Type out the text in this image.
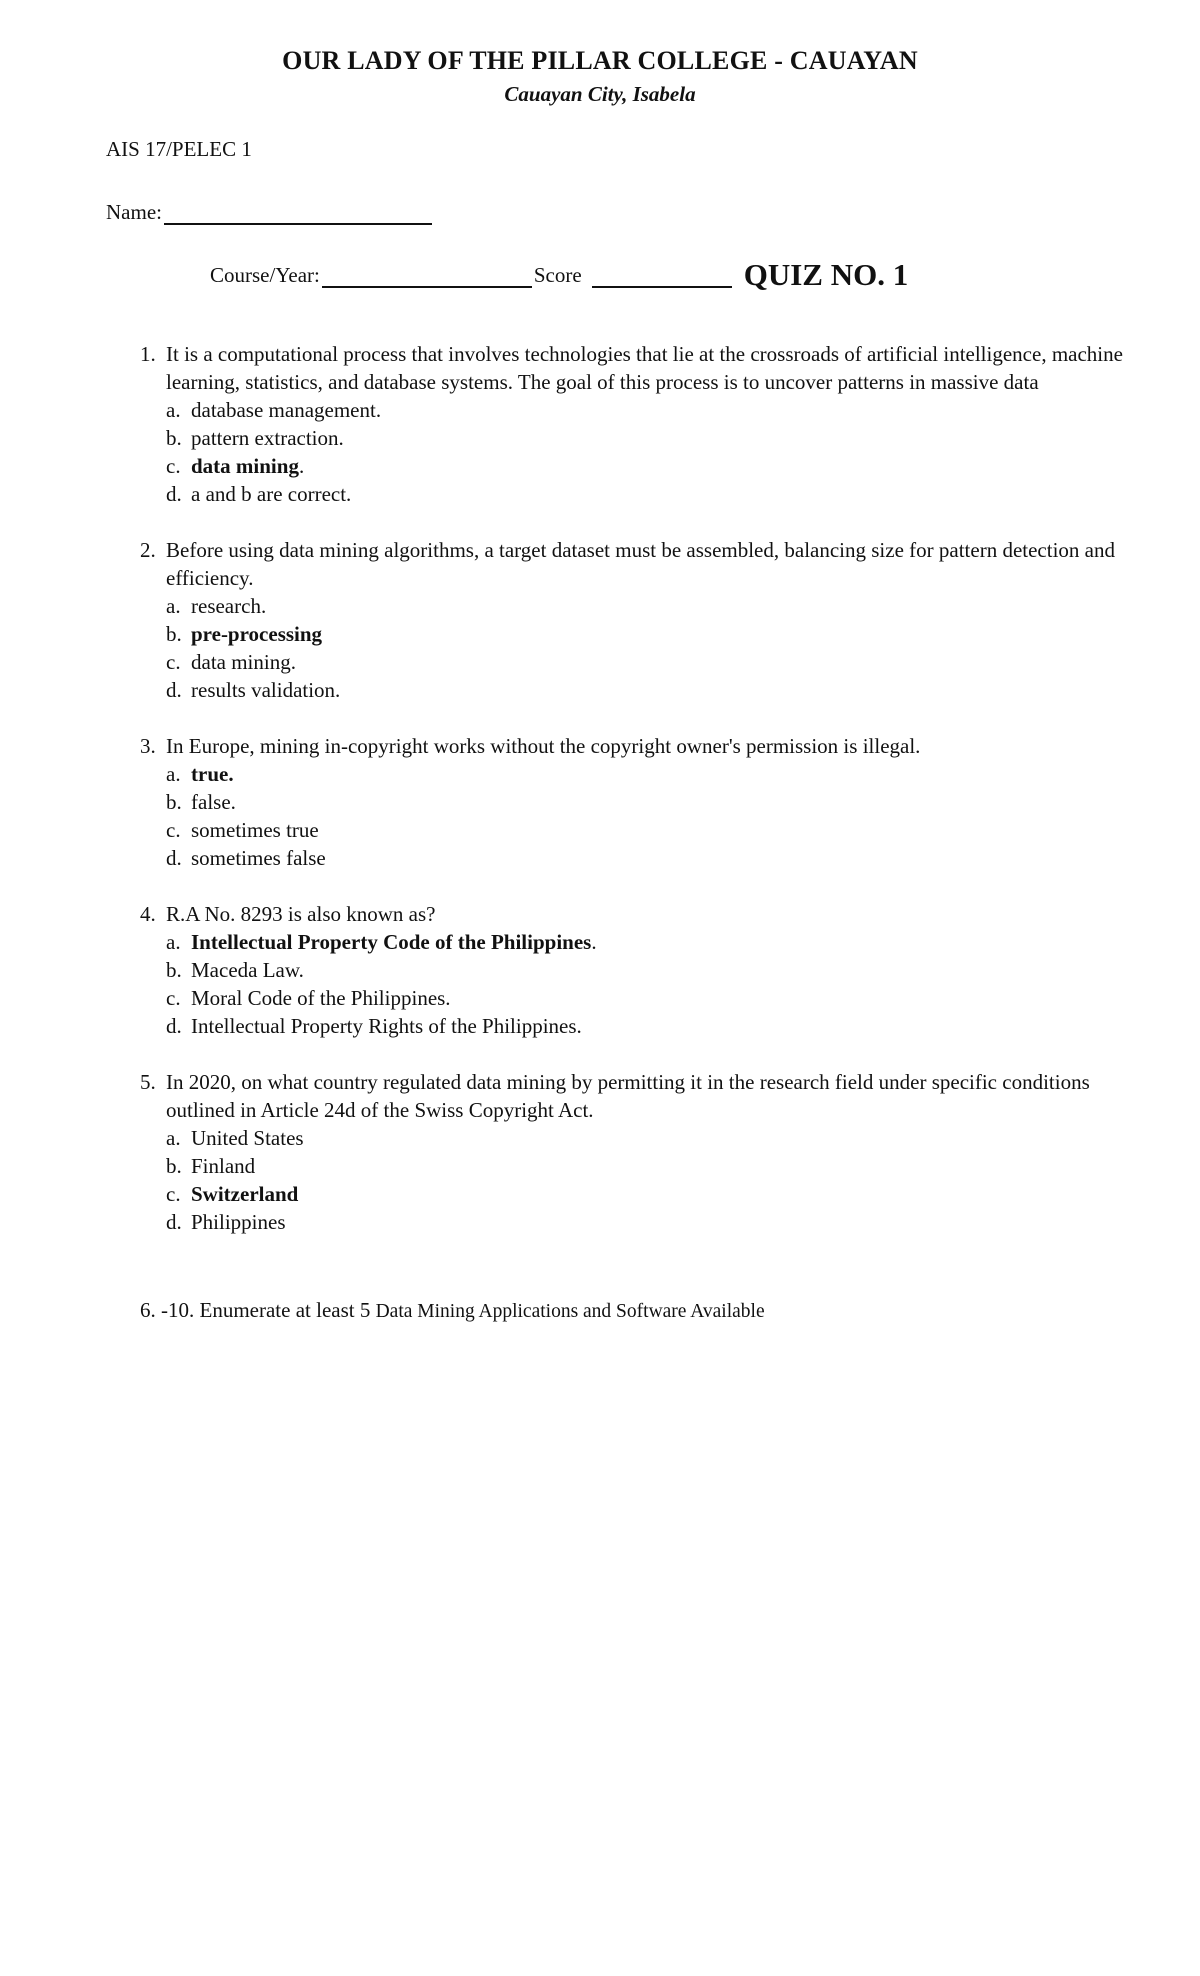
OUR LADY OF THE PILLAR COLLEGE - CAUAYAN
Cauayan City, Isabela
AIS 17/PELEC 1
Name:
Course/Year:	Score	QUIZ NO. 1
1. It is a computational process that involves technologies that lie at the crossroads of artificial intelligence, machine learning, statistics, and database systems. The goal of this process is to uncover patterns in massive data

a. database management.
b. pattern extraction.
c. data mining.
d. a and b are correct.
2. Before using data mining algorithms, a target dataset must be assembled, balancing size for pattern detection and efficiency.

a. research.
b. pre-processing
c. data mining.
d. results validation.
3. In Europe, mining in-copyright works without the copyright owner's permission is illegal.

a. true.
b. false.
c. sometimes true
d. sometimes false
4. R.A No. 8293 is also known as?

a. Intellectual Property Code of the Philippines.
b. Maceda Law.
c. Moral Code of the Philippines.
d. Intellectual Property Rights of the Philippines.
5. In 2020, on what country regulated data mining by permitting it in the research field under specific conditions outlined in Article 24d of the Swiss Copyright Act.

a. United States
b. Finland
c. Switzerland
d. Philippines
6. -10. Enumerate at least 5 Data Mining Applications and Software Available
